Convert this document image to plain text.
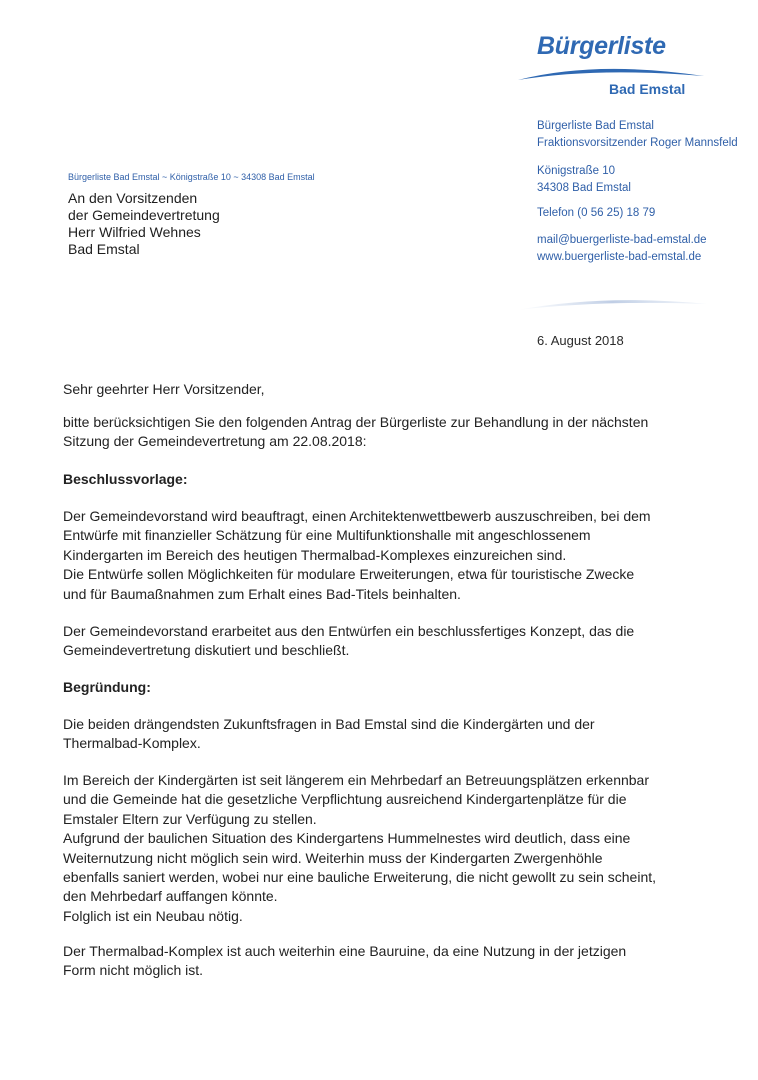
Bürgerliste
Bad Emstal
Bürgerliste Bad Emstal
Fraktionsvorsitzender Roger Mannsfeld
Königstraße 10
34308 Bad Emstal
Telefon (0 56 25) 18 79
mail@buergerliste-bad-emstal.de
www.buergerliste-bad-emstal.de
6. August 2018
Bürgerliste Bad Emstal ~ Königstraße 10 ~ 34308 Bad Emstal
An den Vorsitzenden
der Gemeindevertretung
Herr Wilfried Wehnes
Bad Emstal
Sehr geehrter Herr Vorsitzender,
bitte berücksichtigen Sie den folgenden Antrag der Bürgerliste zur Behandlung in der nächsten
Sitzung der Gemeindevertretung am 22.08.2018:
Beschlussvorlage:
Der Gemeindevorstand wird beauftragt, einen Architektenwettbewerb auszuschreiben, bei dem
Entwürfe mit finanzieller Schätzung für eine Multifunktionshalle mit angeschlossenem
Kindergarten im Bereich des heutigen Thermalbad-Komplexes einzureichen sind.
Die Entwürfe sollen Möglichkeiten für modulare Erweiterungen, etwa für touristische Zwecke
und für Baumaßnahmen zum Erhalt eines Bad-Titels beinhalten.
Der Gemeindevorstand erarbeitet aus den Entwürfen ein beschlussfertiges Konzept, das die
Gemeindevertretung diskutiert und beschließt.
Begründung:
Die beiden drängendsten Zukunftsfragen in Bad Emstal sind die Kindergärten und der
Thermalbad-Komplex.
Im Bereich der Kindergärten ist seit längerem ein Mehrbedarf an Betreuungsplätzen erkennbar
und die Gemeinde hat die gesetzliche Verpflichtung ausreichend Kindergartenplätze für die
Emstaler Eltern zur Verfügung zu stellen.
Aufgrund der baulichen Situation des Kindergartens Hummelnestes wird deutlich, dass eine
Weiternutzung nicht möglich sein wird. Weiterhin muss der Kindergarten Zwergenhöhle
ebenfalls saniert werden, wobei nur eine bauliche Erweiterung, die nicht gewollt zu sein scheint,
den Mehrbedarf auffangen könnte.
Folglich ist ein Neubau nötig.
Der Thermalbad-Komplex ist auch weiterhin eine Bauruine, da eine Nutzung in der jetzigen
Form nicht möglich ist.
